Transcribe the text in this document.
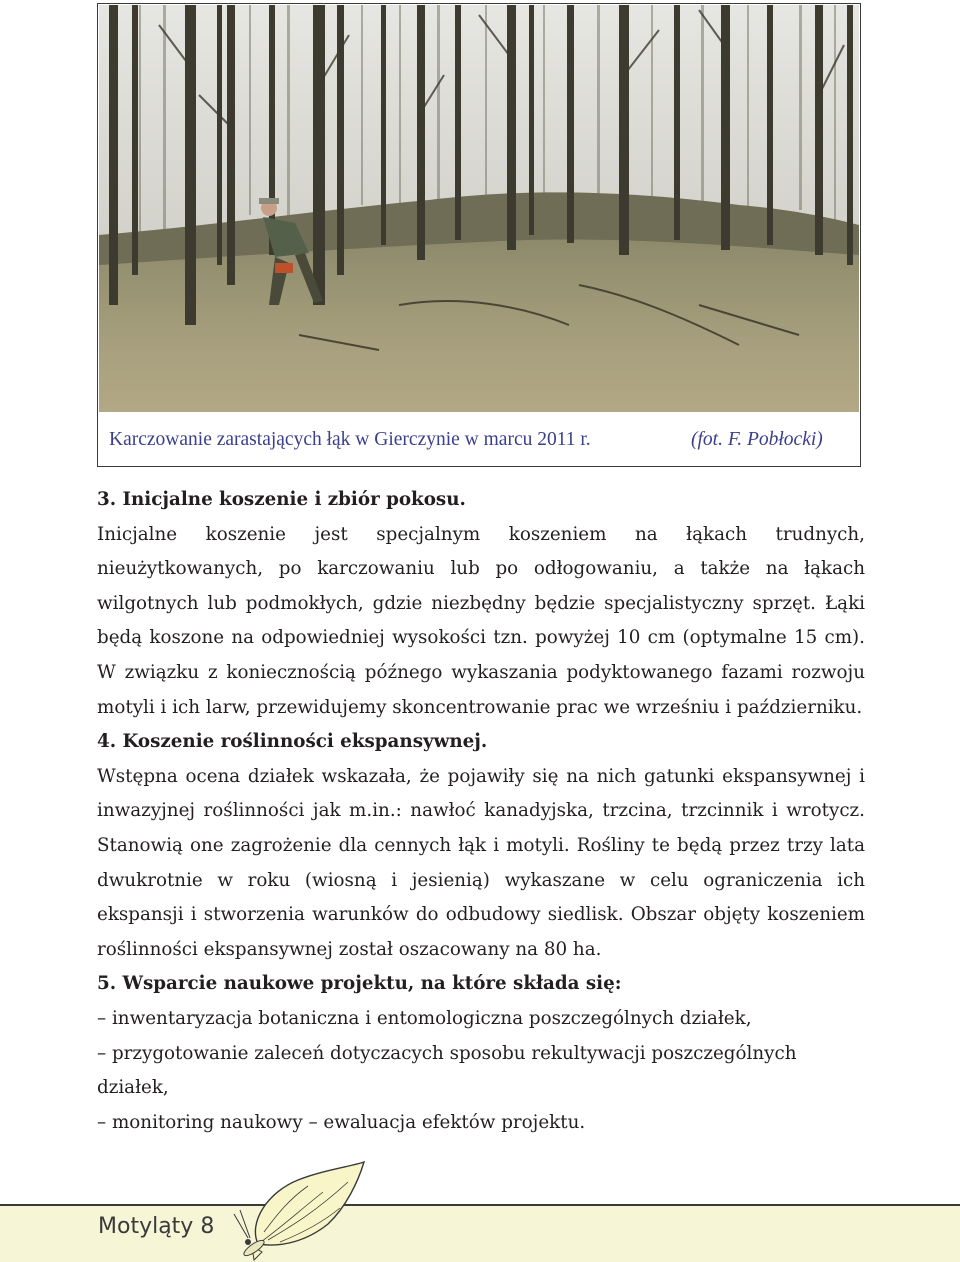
Karczowanie zarastających łąk w Gierczynie w marcu 2011 r.	(fot. F. Pobłocki)
3. Inicjalne koszenie i zbiór pokosu.

Inicjalne koszenie jest specjalnym koszeniem na łąkach trudnych, nieużytkowanych, po karczowaniu lub po odłogowaniu, a także na łąkach wilgotnych lub podmokłych, gdzie niezbędny będzie specjalistyczny sprzęt. Łąki będą koszone na odpowiedniej wysokości tzn. powyżej 10 cm (optymalne 15 cm). W związku z koniecznością późnego wykaszania podyktowanego fazami rozwoju motyli i ich larw, przewidujemy skoncentrowanie prac we wrześniu i październiku.

4. Koszenie roślinności ekspansywnej.

Wstępna ocena działek wskazała, że pojawiły się na nich gatunki ekspansywnej i inwazyjnej roślinności jak m.in.: nawłoć kanadyjska, trzcina, trzcinnik i wrotycz. Stanowią one zagrożenie dla cennych łąk i motyli. Rośliny te będą przez trzy lata dwukrotnie w roku (wiosną i jesienią) wykaszane w celu ograniczenia ich ekspansji i stworzenia warunków do odbudowy siedlisk. Obszar objęty koszeniem roślinności ekspansywnej został oszacowany na 80 ha.

5. Wsparcie naukowe projektu, na które składa się:
– inwentaryzacja botaniczna i entomologiczna poszczególnych działek,
– przygotowanie zaleceń dotyczacych sposobu rekultywacji poszczególnych działek,
– monitoring naukowy – ewaluacja efektów projektu.
Motyląty 8
